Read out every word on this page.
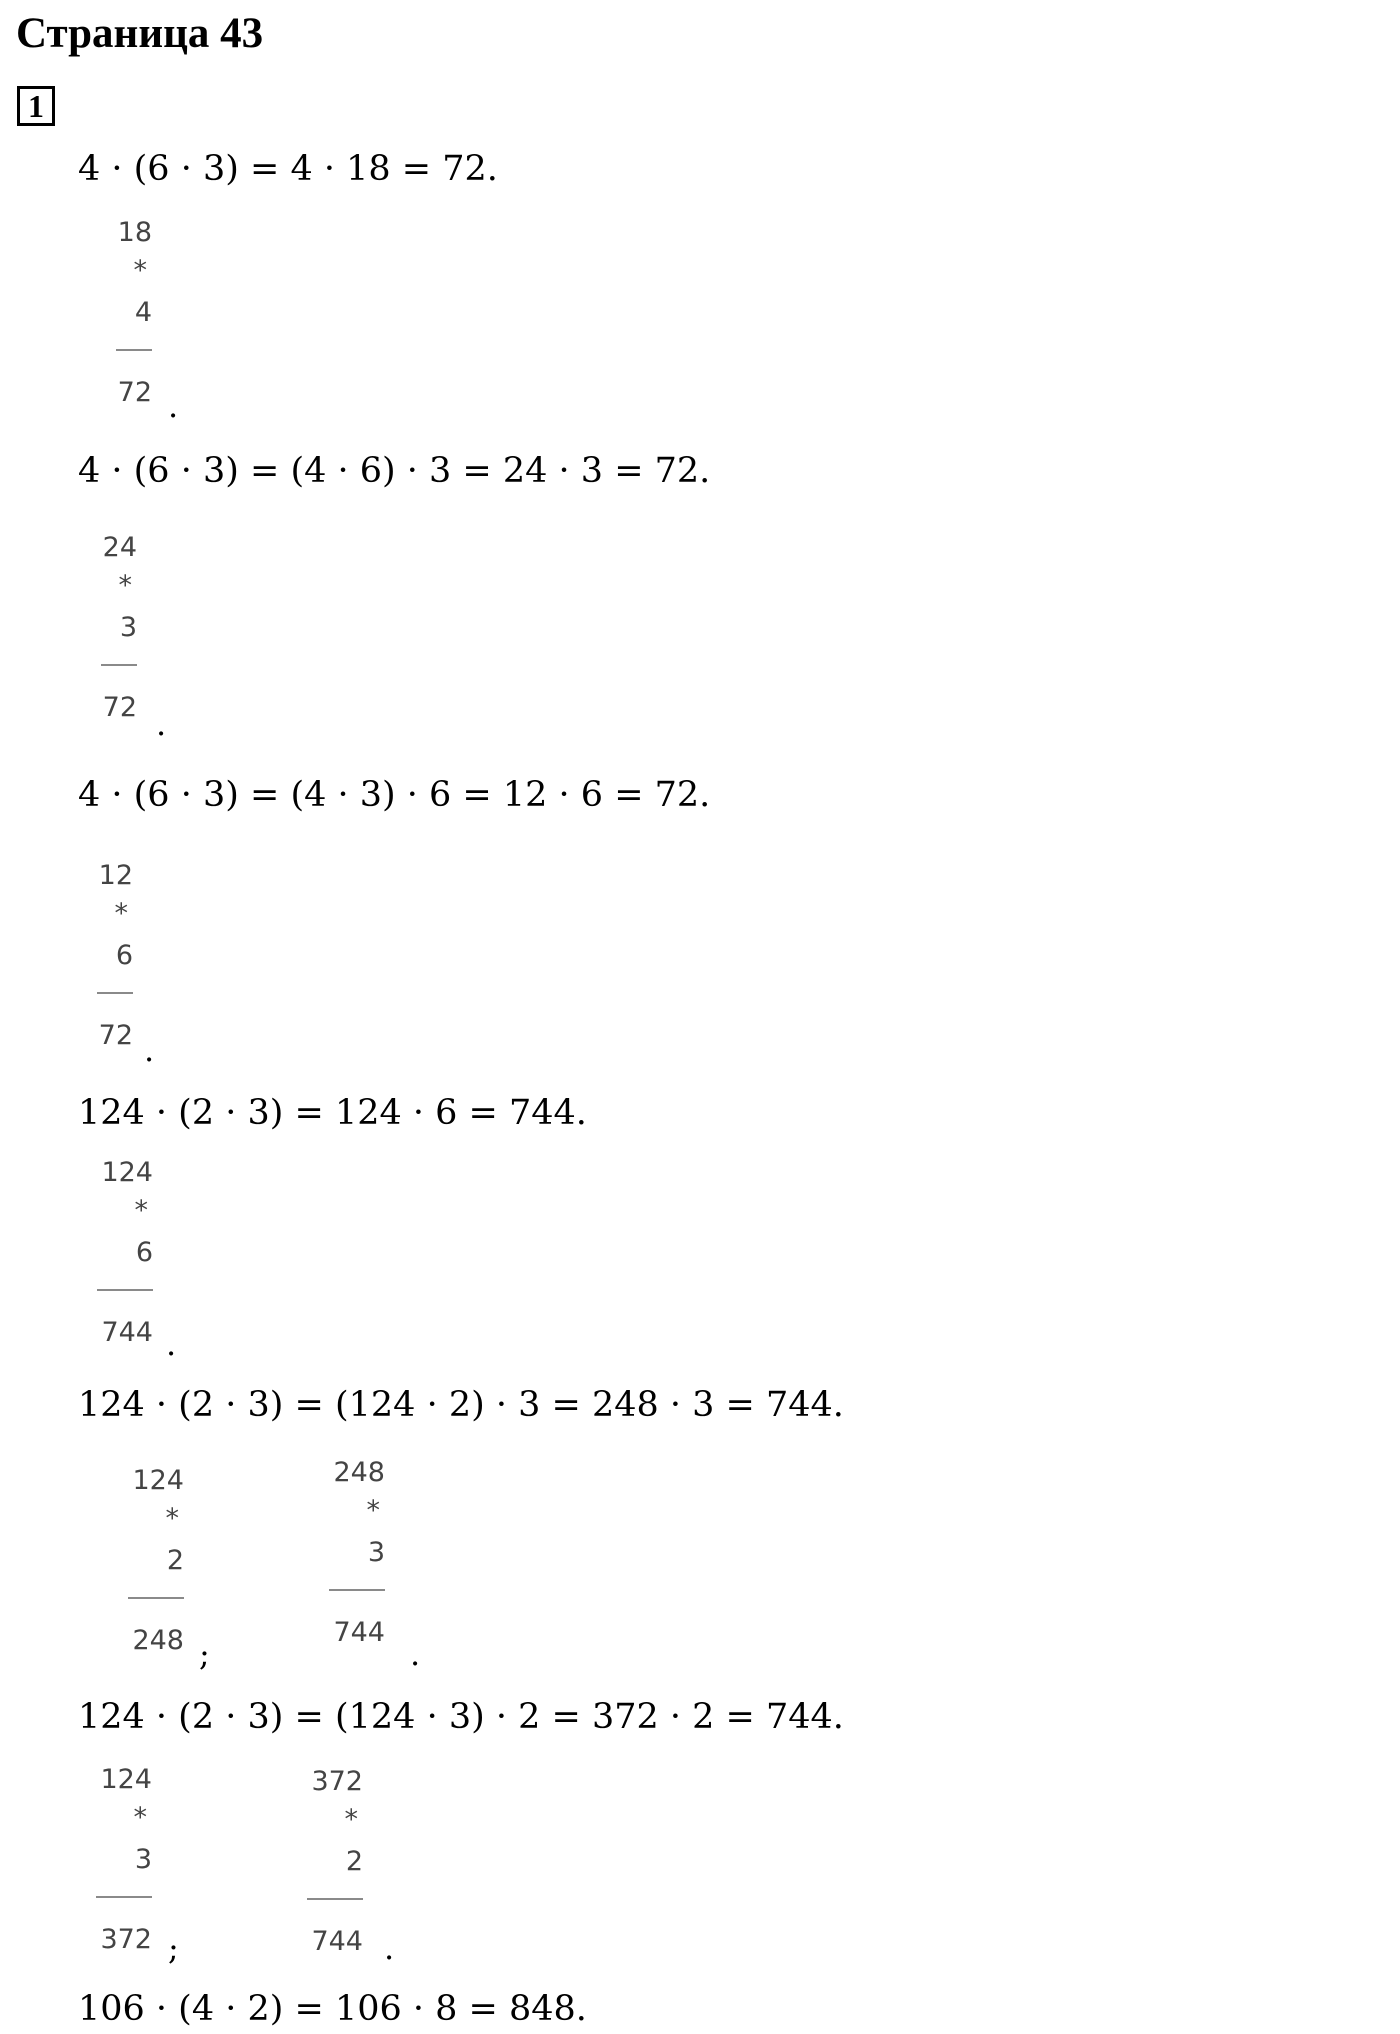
Страница 43
1
4 · (6 · 3) = 4 · 18 = 72.
4 · (6 · 3) = (4 · 6) · 3 = 24 · 3 = 72.
4 · (6 · 3) = (4 · 3) · 6 = 12 · 6 = 72.
124 · (2 · 3) = 124 · 6 = 744.
124 · (2 · 3) = (124 · 2) · 3 = 248 · 3 = 744.
124 · (2 · 3) = (124 · 3) · 2 = 372 · 2 = 744.
106 · (4 · 2) = 106 · 8 = 848.
18
*
4
72 .
24
*
3
72 .
12
*
6
72 .
124
*
6
744 .
124
*
2
248 ;
248
*
3
744
.
124
*
3
372 ;
372
*
2
744 .
